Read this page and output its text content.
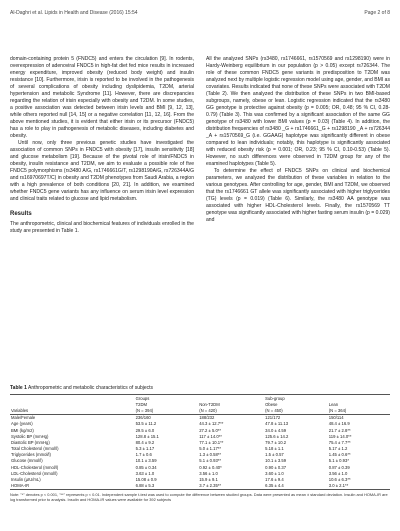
Al-Daghri et al. Lipids in Health and Disease (2016) 15:54	Page 2 of 8

domain-containing protein 5 (FNDC5) and enters the circulation [9]. In rodents, overexpression of adenoviral FNDC5 in high-fat diet fed mice results in increased energy expenditure, improved obesity (reduced body weight) and insulin resistance [10]. Furthermore, irisin is reported to be involved in the pathogenesis of several complications of obesity including dyslipidemia, T2DM, arterial hypertension and metabolic Syndrome [11]. However, there are discrepancies regarding the relation of irisin especially with obesity and T2DM. In some studies, a positive association was detected between irisin levels and BMI [9, 12, 13], while others reported null [14, 15] or a negative correlation [11, 12, 16]. From the above mentioned studies, it is evident that either irisin or its precursor (FNDC5) has a role to play in pathogenesis of metabolic diseases, including diabetes and obesity.

Until now, only three previous genetic studies have investigated the association of common SNPs in FNDC5 with obesity [17], insulin sensitivity [18] and glucose metabolism [19]. Because of the pivotal role of irisin/FNDC5 in obesity, insulin resistance and T2DM, we aim to evaluate a possible role of five FNDC5 polymorphisms (rs3480 A/G, rs1746661G/T, rs1298190A/G, rs726344A/G and rs16970697T/C) in obesity and T2DM phenotypes from Saudi Arabia, a region with a high prevalence of both conditions [20, 21]. In addition, we examined whether FNDC5 gene variants has any influence on serum irisin level expression and clinical traits related to glucose and lipid metabolism.

Results

The anthropometric, clinical and biochemical features of individuals enrolled in the study are presented in Table 1.

All the analyzed SNPs (rs3480, rs1746661, rs1570569 and rs1298190) were in Hardy-Weinberg equilibrium in our population (p > 0.05) except rs726344. The role of these common FNDC5 gene variants in predisposition to T2DM was analyzed next by multiple logistic regression model using age, gender, and BMI as covariates. Results indicated that none of these SNPs were associated with T2DM (Table 2). We then analyzed the distribution of these SNPs in two BMI-based subgroups, namely, obese or lean. Logistic regression indicated that the rs3480 GG genotype is protective against obesity (p = 0.005; OR, 0.48; 95 % CI, 0.28-0.79) (Table 3). This was confirmed by a significant association of the same GG genotype of rs3480 with lower BMI values (p = 0.03) (Table 4). In addition, the distribution frequencies of rs3480 _G + rs1746661_G + rs1298190 _A + rs726344 _A + rs1570569_G (i.e. GGAAG) haplotype was significantly different in obese compared to lean individuals; notably, this haplotype is significantly associated with reduced obesity risk (p = 0.001; OR, 0.23; 95 % CI, 0.10-0.53) (Table 5). However, no such differences were observed in T2DM group for any of the examined haplotypes (Table 5).

To determine the effect of FNDC5 SNPs on clinical and biochemical parameters, we analyzed the distribution of these variables in relation to the various genotypes. After controlling for age, gender, BMI and T2DM, we observed that the rs1746661 GT allele was significantly associated with higher triglycerides (TG) levels (p = 0.019) (Table 6). Similarly, the rs3480 AA genotype was associated with higher HDL-Cholesterol levels. Finally, the rs1570569 TT genotype was significantly associated with higher fasting serum insulin (p = 0.029) and

Table 1 Anthropometric and metabolic characteristics of subjects
	Groups		Sub-group	
	T2DM	Non-T2DM	Obese	Lean
Variables	(N = 394)	(N = 420)	(N = 450)	(N = 364)
Male/Female	236/160	188/232	121/172	150/114
Age (years)	53.5 ± 11.2	44.3 ± 12.7**	47.8 ± 11.13	48.4 ± 16.9
BMI (kg/m2)	29.5 ± 6.0	27.2 ± 5.0**	34.0 ± 4.59	21.7 ± 2.8**
Systolic BP (mmHg)	128.8 ± 15.1	117 ± 14.0**	125.6 ± 14.2	119 ± 14.0**
Diastolic BP (mmHg)	80.4 ± 9.2	77.1 ± 10.1**	79.7 ± 10.2	75.4 ± 7.7**
Total Cholesterol (mmol/l)	5.3 ± 1.17	5.0 ± 1.17**	5.18 ± 1.1	5.17 ± 1.2
Triglycerides (mmol/l)	1.7 ± 0.6	1.3 ± 0.58**	1.5 ± 0.57	1.45 ± 0.6**
Glucose (mmol/l)	10.1 ± 3.59	5.1 ± 0.93**	10.1 ± 3.59	5.1 ± 0.93*
HDL-Cholesterol (mmol/l)	0.85 ± 0.34	0.92 ± 0.40*	0.90 ± 0.37	0.87 ± 0.39
LDL-Cholesterol (mmol/l)	3.63 ± 1.0	3.56 ± 1.0	3.60 ± 1.0	3.56 ± 1.0
Insulin (µIU/mL)	15.08 ± 0.9	15.9 ± 9.1	17.6 ± 9.4	10.6 ± 6.3**
HOMA-IR	6.88 ± 5.3	3.7 ± 2.35**	6.35 ± 4.4	3.0 ± 2.1**
Note: "*" denotes p < 0.001, "**" represents p < 0.01. Independent sample t-test was used to compute the difference between studied groups. Data were presented as mean ± standard deviation. Insulin and HOMA-IR are log transformed prior to analysis. Insulin and HOMA-IR values were available for 392 subjects
